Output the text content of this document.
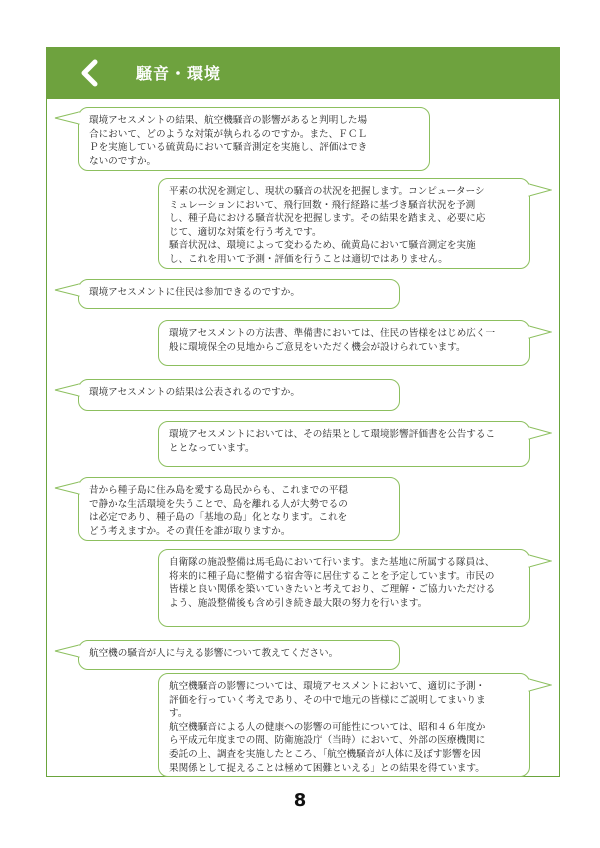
騒音・環境
環境アセスメントの結果、航空機騒音の影響があると判明した場
合において、どのような対策が執られるのですか。また、ＦＣＬ
Ｐを実施している硫黄島において騒音測定を実施し、評価はでき
ないのですか。
平素の状況を測定し、現状の騒音の状況を把握します。コンピューターシ
ミュレーションにおいて、飛行回数・飛行経路に基づき騒音状況を予測
し、種子島における騒音状況を把握します。その結果を踏まえ、必要に応
じて、適切な対策を行う考えです。
騒音状況は、環境によって変わるため、硫黄島において騒音測定を実施
し、これを用いて予測・評価を行うことは適切ではありません。
環境アセスメントに住民は参加できるのですか。
環境アセスメントの方法書、準備書においては、住民の皆様をはじめ広く一
般に環境保全の見地からご意見をいただく機会が設けられています。
環境アセスメントの結果は公表されるのですか。
環境アセスメントにおいては、その結果として環境影響評価書を公告するこ
ととなっています。
昔から種子島に住み島を愛する島民からも、これまでの平穏
で静かな生活環境を失うことで、島を離れる人が大勢でるの
は必定であり、種子島の「基地の島」化となります。これを
どう考えますか。その責任を誰が取りますか。
自衛隊の施設整備は馬毛島において行います。また基地に所属する隊員は、
将来的に種子島に整備する宿舎等に居住することを予定しています。市民の
皆様と良い関係を築いていきたいと考えており、ご理解・ご協力いただける
よう、施設整備後も含め引き続き最大限の努力を行います。
航空機の騒音が人に与える影響について教えてください。
航空機騒音の影響については、環境アセスメントにおいて、適切に予測・
評価を行っていく考えであり、その中で地元の皆様にご説明してまいりま
す。
航空機騒音による人の健康への影響の可能性については、昭和４６年度か
ら平成元年度までの間、防衛施設庁（当時）において、外部の医療機関に
委託の上、調査を実施したところ、「航空機騒音が人体に及ぼす影響を因
果関係として捉えることは極めて困難といえる」との結果を得ています。
8
